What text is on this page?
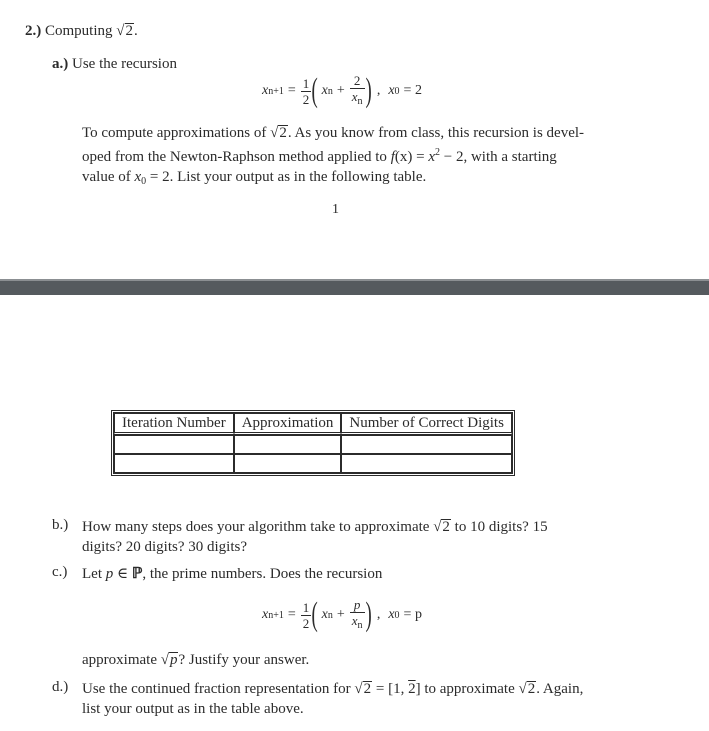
2.) Computing √2.
a.) Use the recursion
x $n+1 = \frac{1}{2}$ ( x $n + \frac{2}{x_n}$ ) , x 0 = 2
To compute approximations of √2. As you know from class, this recursion is devel-
oped from the Newton-Raphson method applied to $f(x) = x^2 - 2$, with a starting
value of $x_0 = 2$. List your output as in the following table.
1
Iteration Number	Approximation	Number of Correct Digits

b.) How many steps does your algorithm take to approximate √2 to 10 digits? 15
digits? 20 digits? 30 digits?
c.) Let p ∈ ℙ, the prime numbers. Does the recursion
x $n+1 = \frac{1}{2}$ ( x $n + \frac{p}{x_n}$ ) , x 0 = p
approximate √p? Justify your answer.
d.) Use the continued fraction representation for √2 = [1, 2] to approximate √2. Again,
list your output as in the table above.
